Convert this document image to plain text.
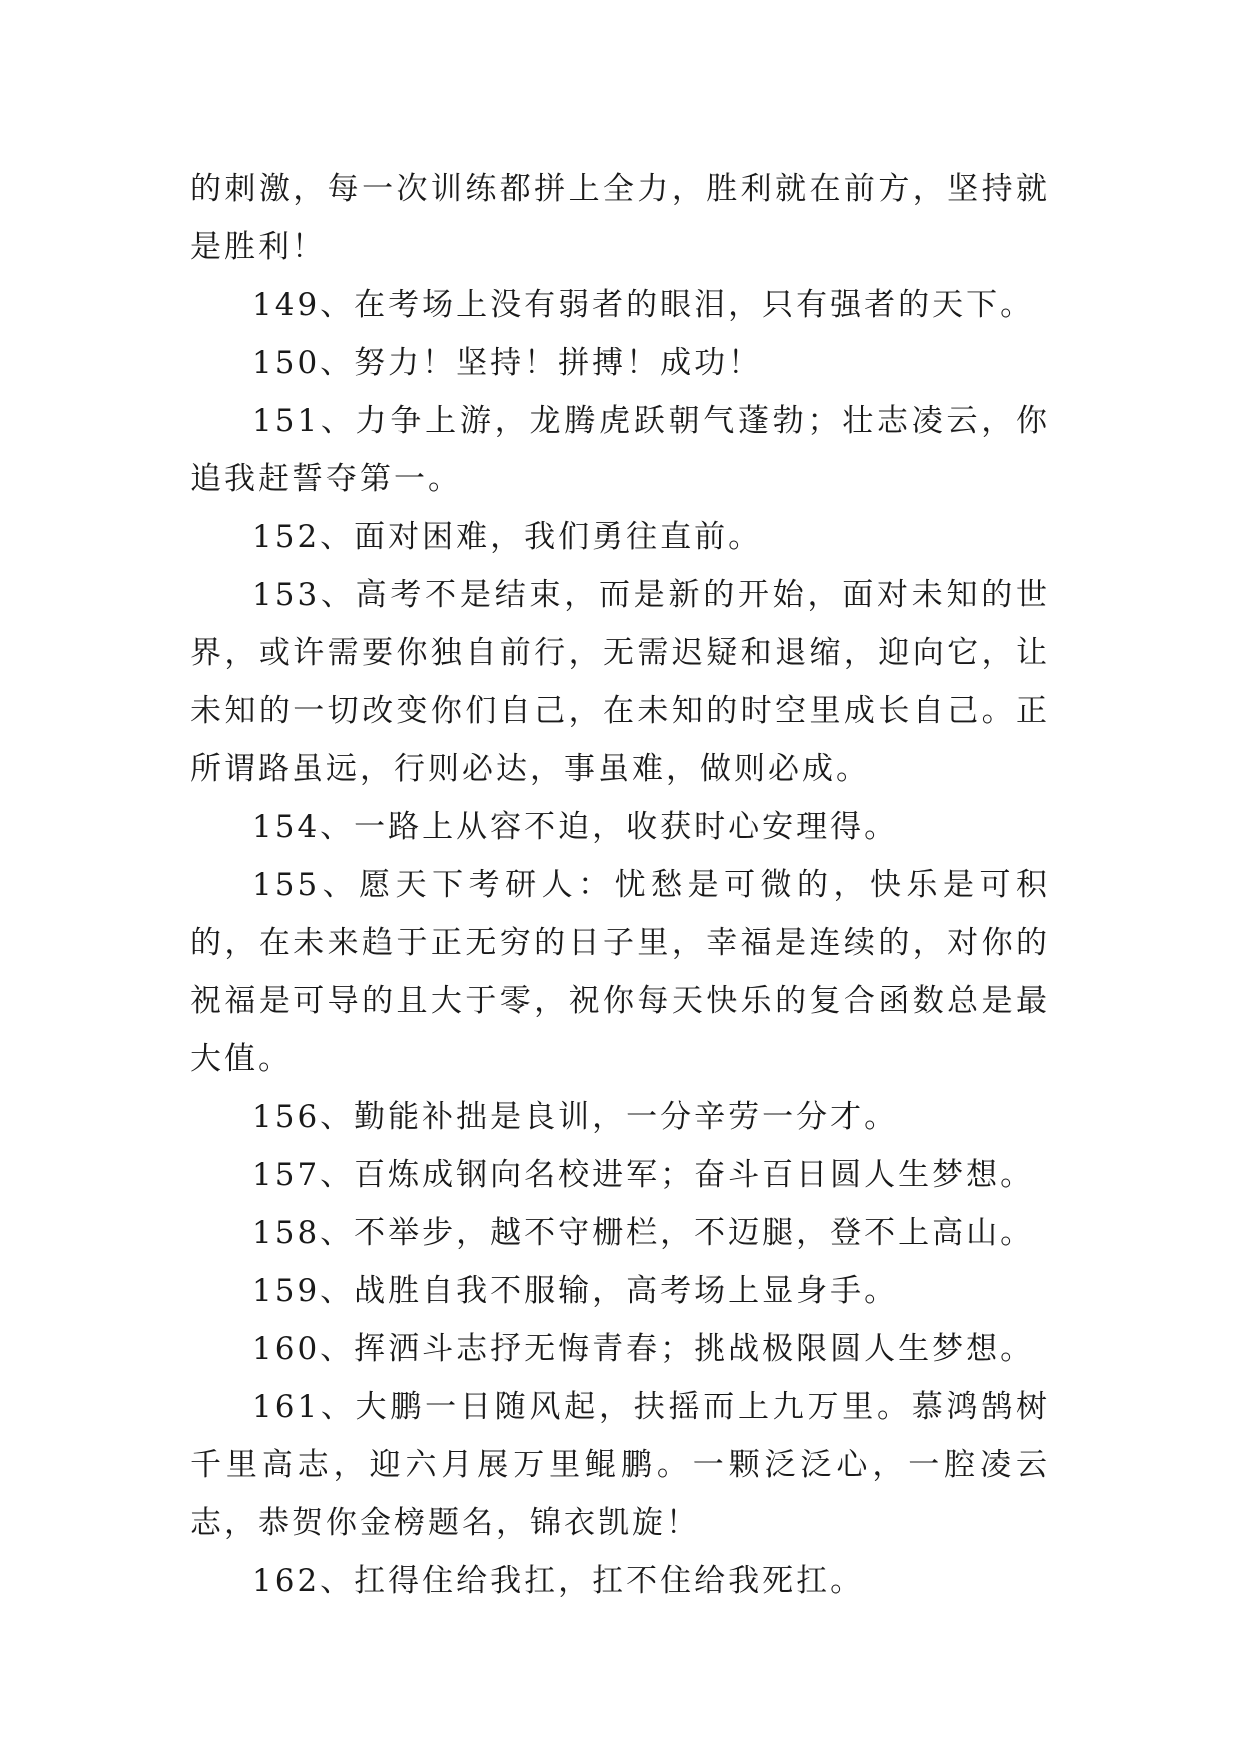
的刺激，每一次训练都拼上全力，胜利就在前方，坚持就是胜利！

149、在考场上没有弱者的眼泪，只有强者的天下。

150、努力！坚持！拼搏！成功！

151、力争上游，龙腾虎跃朝气蓬勃；壮志凌云，你追我赶誓夺第一。

152、面对困难，我们勇往直前。

153、高考不是结束，而是新的开始，面对未知的世界，或许需要你独自前行，无需迟疑和退缩，迎向它，让未知的一切改变你们自己，在未知的时空里成长自己。正所谓路虽远，行则必达，事虽难，做则必成。

154、一路上从容不迫，收获时心安理得。

155、愿天下考研人：忧愁是可微的，快乐是可积的，在未来趋于正无穷的日子里，幸福是连续的，对你的祝福是可导的且大于零，祝你每天快乐的复合函数总是最大值。

156、勤能补拙是良训，一分辛劳一分才。

157、百炼成钢向名校进军；奋斗百日圆人生梦想。

158、不举步，越不守栅栏，不迈腿，登不上高山。

159、战胜自我不服输，高考场上显身手。

160、挥洒斗志抒无悔青春；挑战极限圆人生梦想。

161、大鹏一日随风起，扶摇而上九万里。慕鸿鹄树千里高志，迎六月展万里鲲鹏。一颗泛泛心，一腔凌云志，恭贺你金榜题名，锦衣凯旋！

162、扛得住给我扛，扛不住给我死扛。
